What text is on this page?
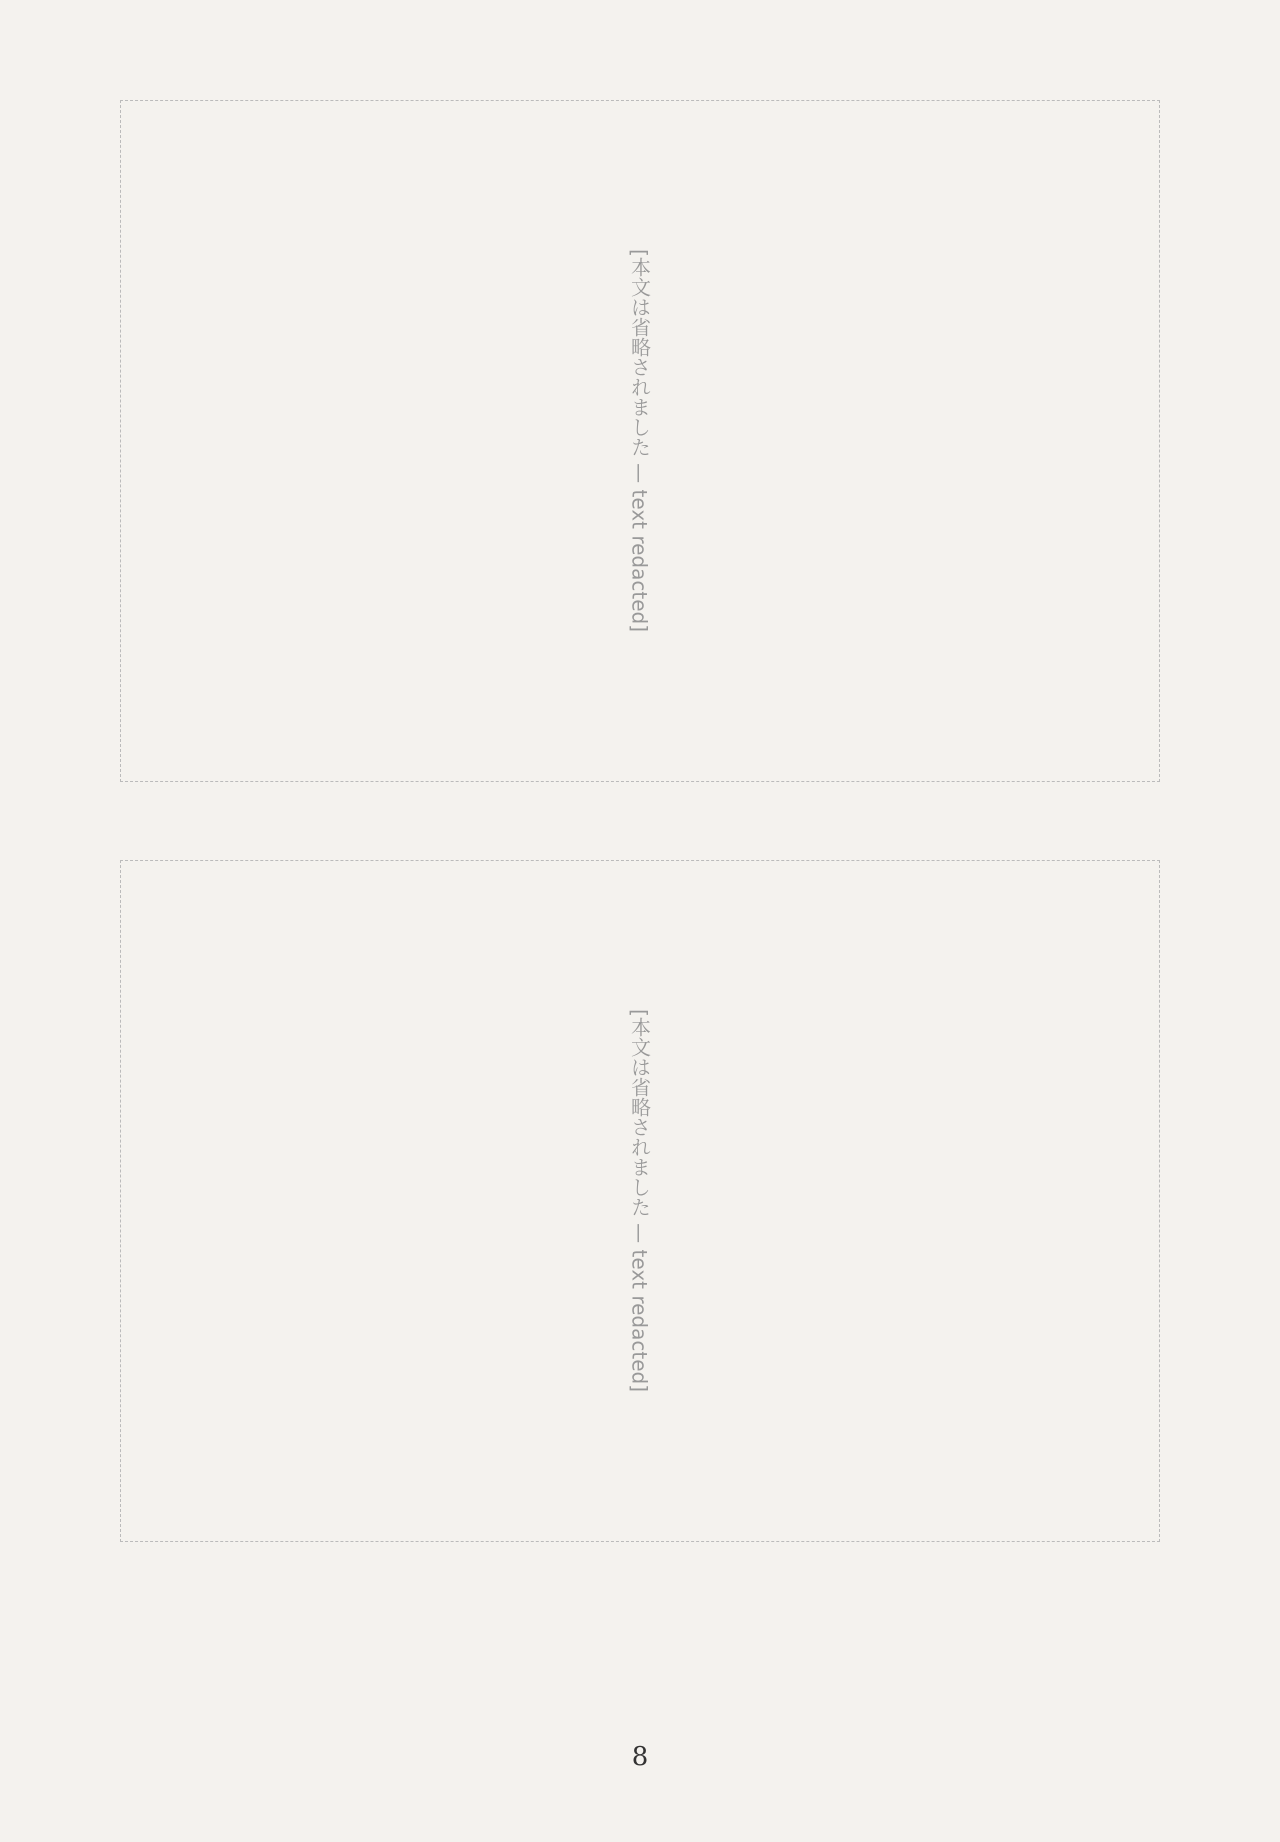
[本文は省略されました — text redacted]
[本文は省略されました — text redacted]
8
